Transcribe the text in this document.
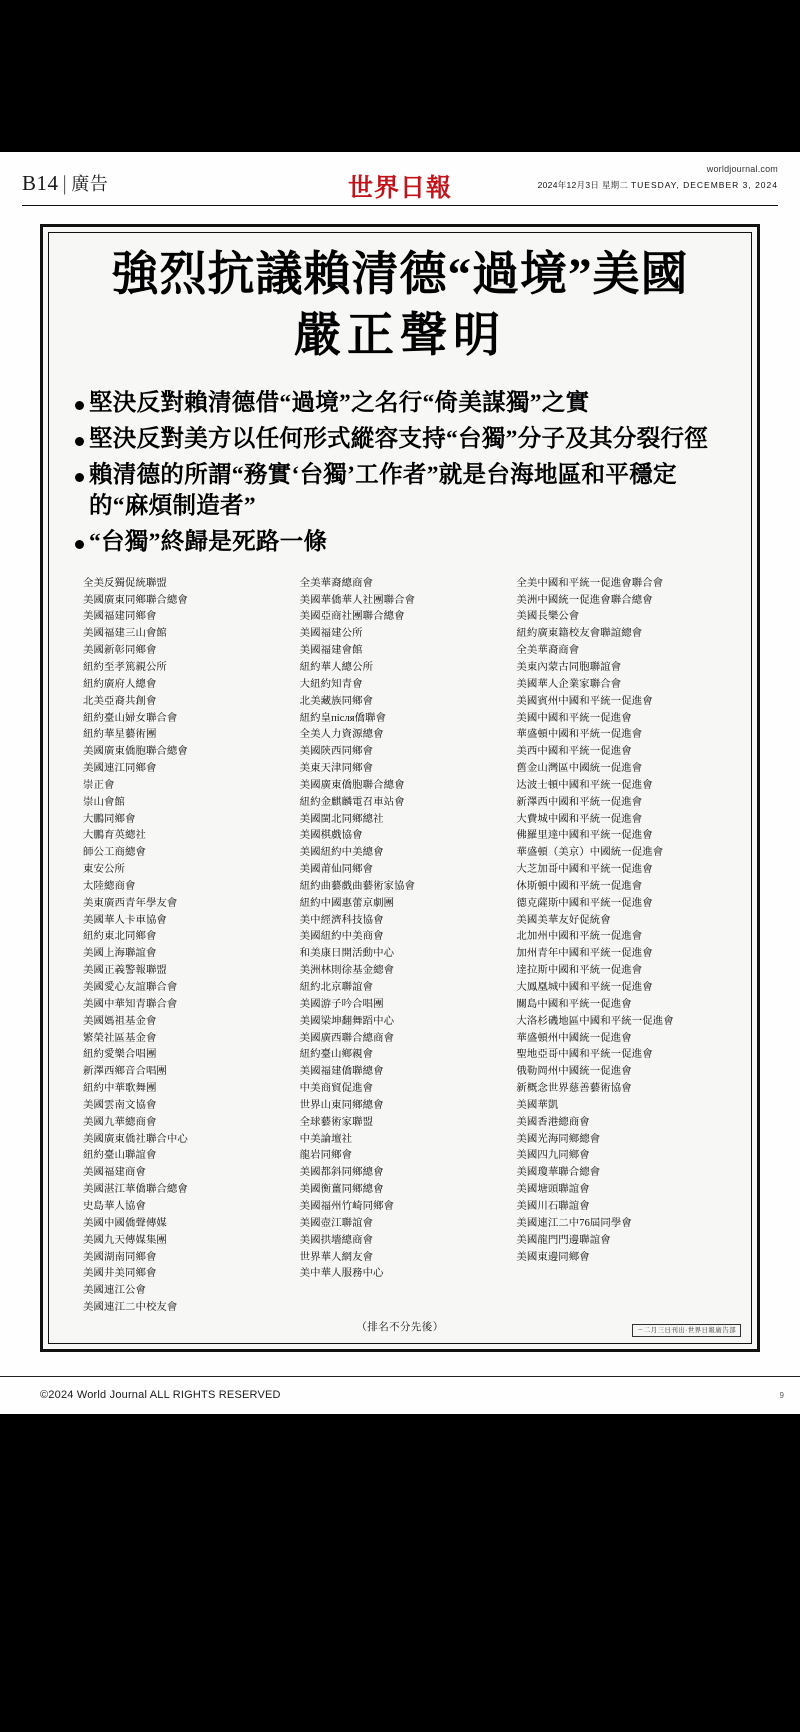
B14 | 廣告	世界日報
worldjournal.com
2024年12月3日 星期二 TUESDAY, DECEMBER 3, 2024
強烈抗議賴清德“過境”美國
嚴正聲明
堅決反對賴清德借“過境”之名行“倚美謀獨”之實
堅決反對美方以任何形式縱容支持“台獨”分子及其分裂行徑
賴清德的所謂“務實‘台獨’工作者”就是台海地區和平穩定的“麻煩制造者”
“台獨”終歸是死路一條
全美反獨促統聯盟
美國廣東同鄉聯合總會
美國福建同鄉會
美國福建三山會館
美國新彰同鄉會
紐約至孝篤親公所
紐約廣府人總會
北美亞裔共創會
紐約臺山婦女聯合會
紐約華星藝術團
美國廣東僑胞聯合總會
美國連江同鄉會
崇正會
崇山會館
大鵬同鄉會
大鵬育英總社
師公工商總會
東安公所
太陸總商會
美東廣西青年學友會
美國華人卡車協會
紐約東北同鄉會
美國上海聯誼會
美國正義警報聯盟
美國愛心友誼聯合會
美國中華知青聯合會
美國媽祖基金會
繁榮社區基金會
紐約愛樂合唱團
新澤西鄉音合唱團
紐約中華歌舞團
美國雲南文協會
美國九華總商會
美國廣東僑社聯合中心
紐約臺山聯誼會
美國福建商會
美國湛江華僑聯合總會
史島華人協會
美國中國僑聲傳媒
美國九天傳媒集團
美國湖南同鄉會
美國井美同鄉會
美國連江公會
美國連江二中校友會
全美華裔總商會
美國華僑華人社團聯合會
美國亞商社團聯合總會
美國福建公所
美國福建會館
紐約華人總公所
大紐約知青會
北美藏族同鄉會
紐約皇після僑聯會
全美人力資源總會
美國陝西同鄉會
美東天津同鄉會
美國廣東僑胞聯合總會
紐約金麒麟電召車站會
美國閩北同鄉總社
美國棋戲協會
美國紐約中美總會
美國莆仙同鄉會
紐約曲藝戲曲藝術家協會
紐約中國惠蕾京劇團
美中經濟科技協會
美國紐約中美商會
和美康日開活動中心
美洲林則徐基金總會
紐約北京聯誼會
美國游子吟合唱團
美國梁坤翻舞蹈中心
美國廣西聯合總商會
紐約臺山鄉親會
美國福建僑聯總會
中美商貿促進會
世界山東同鄉總會
全球藝術家聯盟
中美論壇社
龍岩同鄉會
美國都斜同鄉總會
美國衡薑同鄉總會
美國福州竹崎同鄉會
美國壺江聯誼會
美國拱墻總商會
世界華人網友會
美中華人服務中心
全美中國和平統一促進會聯合會
美洲中國統一促進會聯合總會
美國長樂公會
紐約廣東籍校友會聯誼總會
全美華裔商會
美東內蒙古同胞聯誼會
美國華人企業家聯合會
美國賓州中國和平統一促進會
美國中國和平統一促進會
華盛頓中國和平統一促進會
美西中國和平統一促進會
舊金山灣區中國統一促進會
达波士頓中國和平統一促進會
新澤西中國和平統一促進會
大費城中國和平統一促進會
佛羅里達中國和平統一促進會
華盛頓（美京）中國統一促進會
大芝加哥中國和平統一促進會
休斯頓中國和平統一促進會
德克薩斯中國和平統一促進會
美國美華友好促統會
北加州中國和平統一促進會
加州青年中國和平統一促進會
逹拉斯中國和平統一促進會
大鳳凰城中國和平統一促進會
關島中國和平統一促進會
大洛杉磯地區中國和平統一促進會
華盛頓州中國統一促進會
聖地亞哥中國和平統一促進會
俄勒岡州中國統一促進會
新概念世界慈善藝術協會
美國華凱
美國香港總商會
美國光海同鄉總會
美國四九同鄉會
美國瓊華聯合總會
美國塘頭聯誼會
美國川石聯誼會
美國連江二中76屆同學會
美國龍門門邊聯誼會
美國東邊同鄉會
（排名不分先後）	ㄧ二月三日刊出·世界日報廣告部
©2024 World Journal ALL RIGHTS RESERVED	9
